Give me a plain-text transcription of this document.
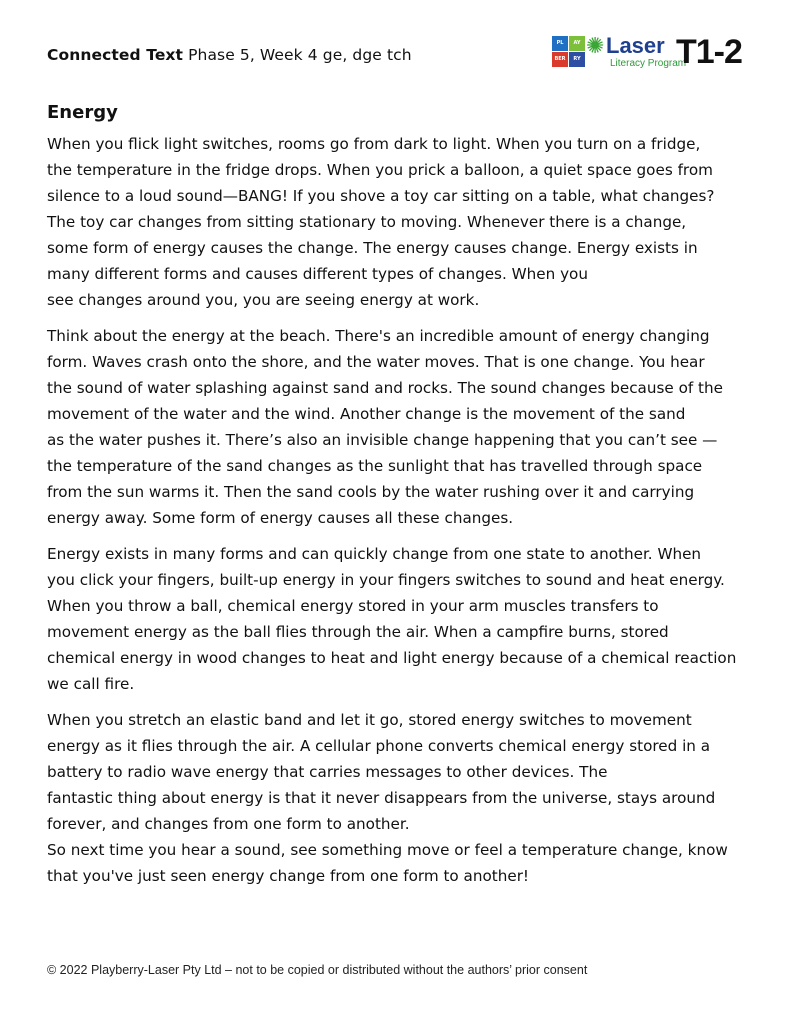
Connected Text Phase 5, Week 4 ge, dge tch
PL	AY
BER	RY ✺ Laser
Literacy Program
T1-2
Energy
When you flick light switches, rooms go from dark to light. When you turn on a fridge,
the temperature in the fridge drops. When you prick a balloon, a quiet space goes from
silence to a loud sound—BANG! If you shove a toy car sitting on a table, what changes?
The toy car changes from sitting stationary to moving. Whenever there is a change,
some form of energy causes the change. The energy causes change. Energy exists in
many different forms and causes different types of changes. When you
see changes around you, you are seeing energy at work.
Think about the energy at the beach. There's an incredible amount of energy changing
form. Waves crash onto the shore, and the water moves. That is one change. You hear
the sound of water splashing against sand and rocks. The sound changes because of the
movement of the water and the wind. Another change is the movement of the sand
as the water pushes it. There’s also an invisible change happening that you can’t see —
the temperature of the sand changes as the sunlight that has travelled through space
from the sun warms it. Then the sand cools by the water rushing over it and carrying
energy away. Some form of energy causes all these changes.
Energy exists in many forms and can quickly change from one state to another. When
you click your fingers, built-up energy in your fingers switches to sound and heat energy.
When you throw a ball, chemical energy stored in your arm muscles transfers to
movement energy as the ball flies through the air. When a campfire burns, stored
chemical energy in wood changes to heat and light energy because of a chemical reaction
we call fire.
When you stretch an elastic band and let it go, stored energy switches to movement
energy as it flies through the air. A cellular phone converts chemical energy stored in a
battery to radio wave energy that carries messages to other devices. The
fantastic thing about energy is that it never disappears from the universe, stays around
forever, and changes from one form to another.
So next time you hear a sound, see something move or feel a temperature change, know
that you've just seen energy change from one form to another!
© 2022 Playberry-Laser Pty Ltd – not to be copied or distributed without the authors’ prior consent
